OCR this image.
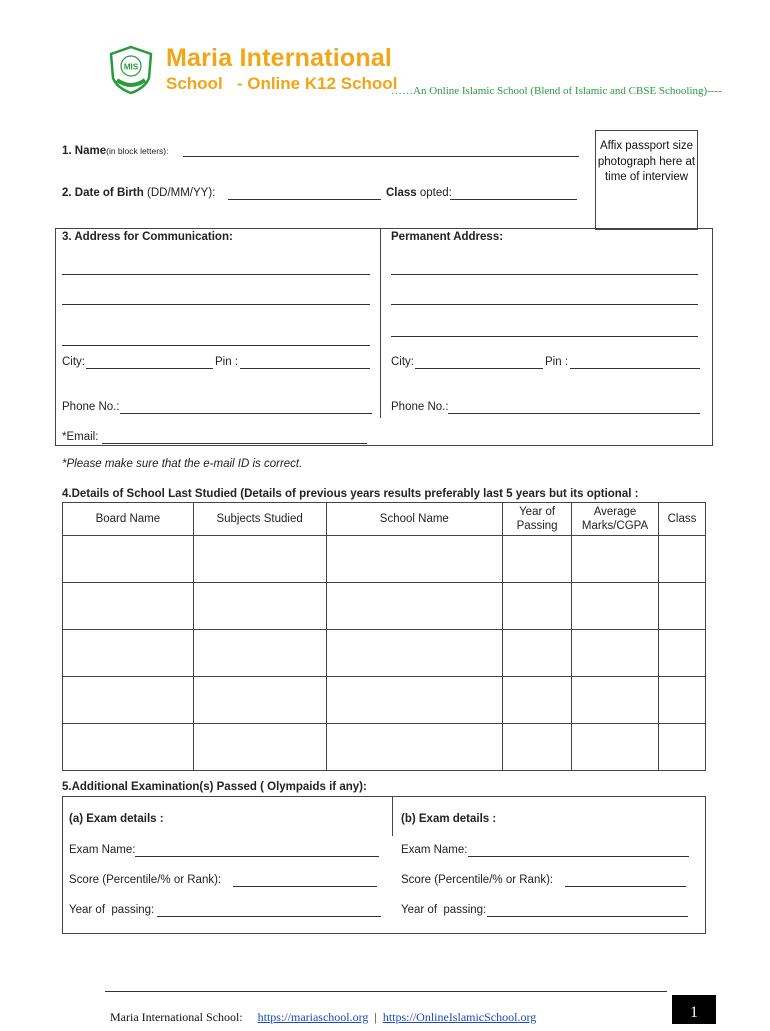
MIS Maria International
School   - Online K12 School
……An Online Islamic School (Blend of Islamic and CBSE Schooling)----
1. Name(in block letters):
2. Date of Birth (DD/MM/YY):	Class opted:
Affix passport size photograph here at time of interview
3. Address for Communication:	Permanent Address:
City:	Pin :	City:	Pin :
Phone No.:	Phone No.:
*Email:
*Please make sure that the e-mail ID is correct.
4.Details of School Last Studied (Details of previous years results preferably last 5 years but its optional :
Board Name	Subjects Studied	School Name	Year of Passing	Average Marks/CGPA	Class

5.Additional Examination(s) Passed ( Olympaids if any):
(a) Exam details :	(b) Exam details :
Exam Name:	Exam Name:
Score (Percentile/% or Rank):	Score (Percentile/% or Rank):
Year of  passing:	Year of  passing:
Maria International School: https://mariaschool.org | https://OnlineIslamicSchool.org	1
